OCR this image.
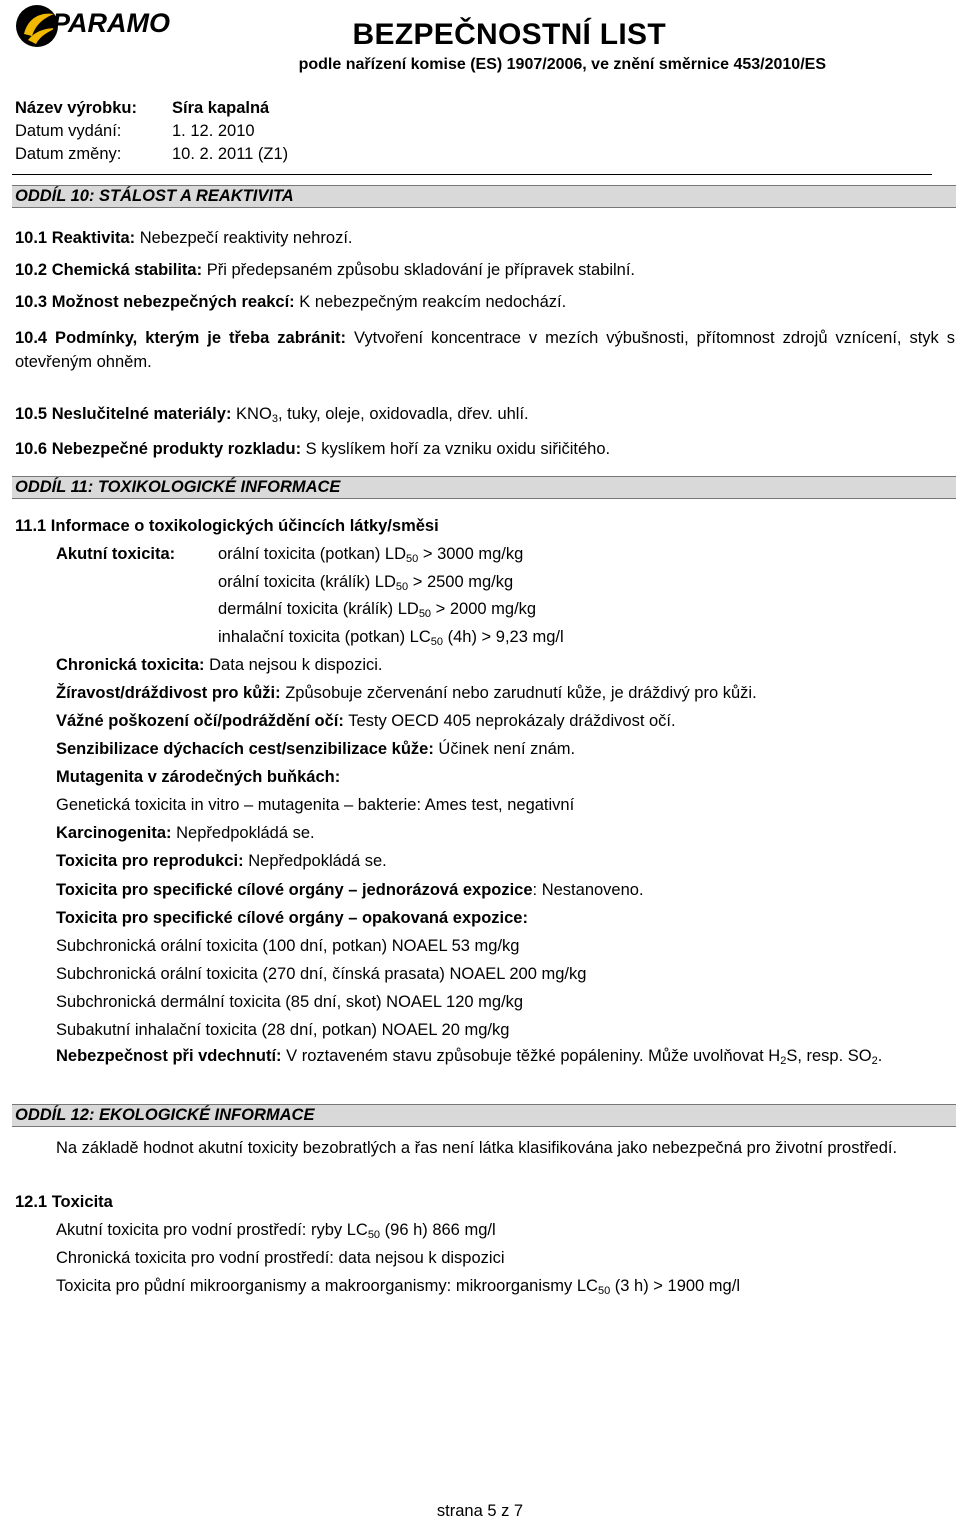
PARAMO	BEZPEČNOSTNÍ LIST
podle nařízení komise (ES) 1907/2006, ve znění směrnice 453/2010/ES
Název výrobku: Síra kapalná
Datum vydání:	1. 12. 2010
Datum změny:	10. 2. 2011 (Z1)
ODDÍL 10: STÁLOST A REAKTIVITA
10.1 Reaktivita: Nebezpečí reaktivity nehrozí.
10.2 Chemická stabilita: Při předepsaném způsobu skladování je přípravek stabilní.
10.3 Možnost nebezpečných reakcí: K nebezpečným reakcím nedochází.
10.4 Podmínky, kterým je třeba zabránit: Vytvoření koncentrace v mezích výbušnosti, přítomnost zdrojů vznícení, styk s otevřeným ohněm.
10.5 Neslučitelné materiály: $KNO_3$, tuky, oleje, oxidovadla, dřev. uhlí.
10.6 Nebezpečné produkty rozkladu: S kyslíkem hoří za vzniku oxidu siřičitého.
ODDÍL 11: TOXIKOLOGICKÉ INFORMACE
11.1 Informace o toxikologických účincích látky/směsi
Akutní toxicita:	orální toxicita (potkan) $LD_{50} > 3000$ mg/kg
orální toxicita (králík) $LD_{50} > 2500$ mg/kg
dermální toxicita (králík) $LD_{50} > 2000$ mg/kg
inhalační toxicita (potkan) $LC_{50}$ (4h) > 9,23 mg/l
Chronická toxicita: Data nejsou k dispozici.
Žíravost/dráždivost pro kůži: Způsobuje zčervenání nebo zarudnutí kůže, je dráždivý pro kůži.
Vážné poškození očí/podráždění očí: Testy OECD 405 neprokázaly dráždivost očí.
Senzibilizace dýchacích cest/senzibilizace kůže: Účinek není znám.
Mutagenita v zárodečných buňkách:
Genetická toxicita in vitro – mutagenita – bakterie: Ames test, negativní
Karcinogenita: Nepředpokládá se.
Toxicita pro reprodukci: Nepředpokládá se.
Toxicita pro specifické cílové orgány – jednorázová expozice: Nestanoveno.
Toxicita pro specifické cílové orgány – opakovaná expozice:
Subchronická orální toxicita (100 dní, potkan) NOAEL 53 mg/kg
Subchronická orální toxicita (270 dní, čínská prasata) NOAEL 200 mg/kg
Subchronická dermální toxicita (85 dní, skot) NOAEL 120 mg/kg
Subakutní inhalační toxicita (28 dní, potkan) NOAEL 20 mg/kg
Nebezpečnost při vdechnutí: V roztaveném stavu způsobuje těžké popáleniny. Může uvolňovat $H_2S$, resp. $SO_2$.
ODDÍL 12: EKOLOGICKÉ INFORMACE
Na základě hodnot akutní toxicity bezobratlých a řas není látka klasifikována jako nebezpečná pro životní prostředí.
12.1 Toxicita
Akutní toxicita pro vodní prostředí: ryby $LC_{50}$ (96 h) 866 mg/l
Chronická toxicita pro vodní prostředí: data nejsou k dispozici
Toxicita pro půdní mikroorganismy a makroorganismy: mikroorganismy $LC_{50}$ (3 h) > 1900 mg/l
strana 5 z 7
